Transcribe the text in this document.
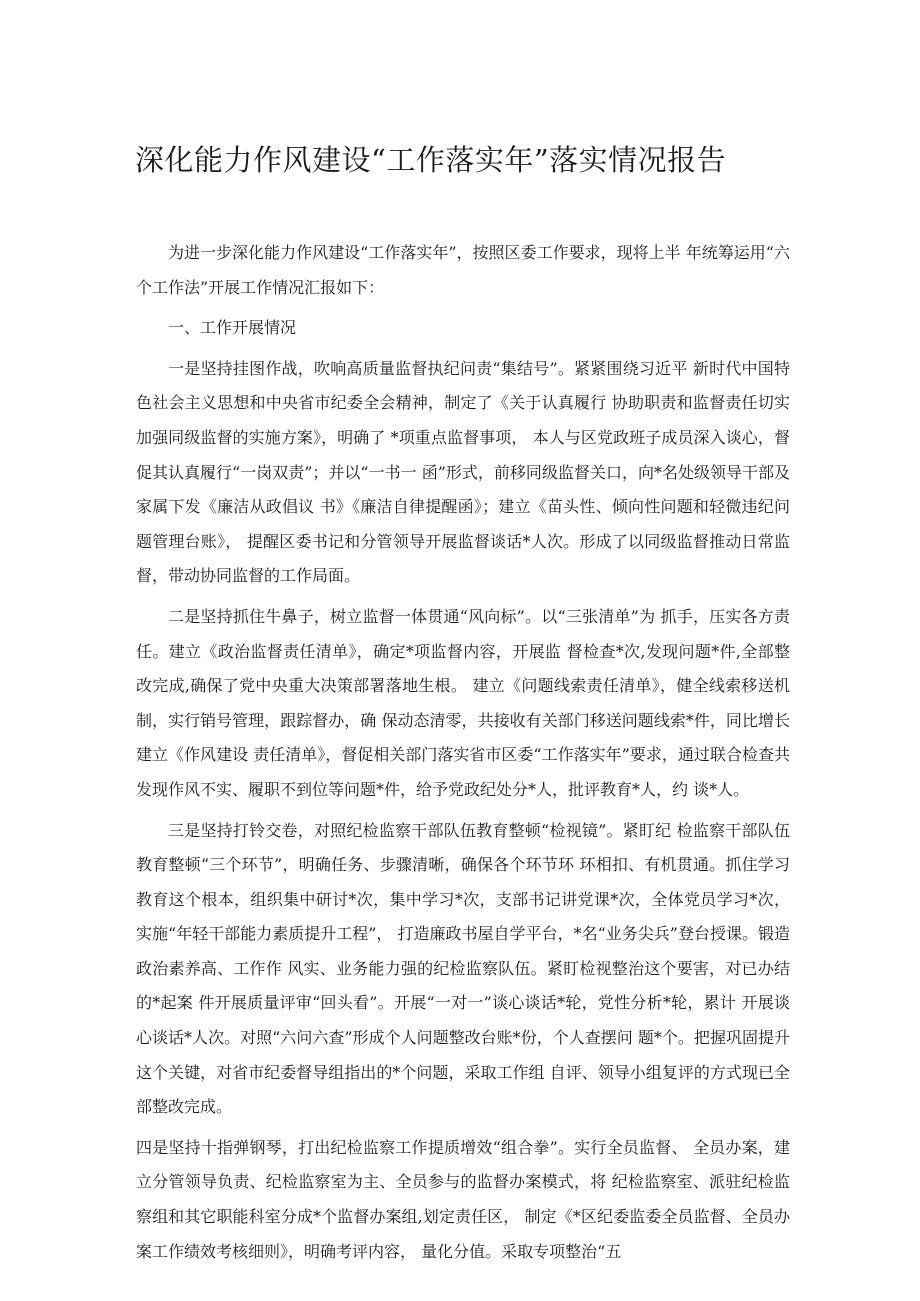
深化能力作风建设“工作落实年”落实情况报告

为进一步深化能力作风建设“工作落实年”，按照区委工作要求，现将上半 年统筹运用“六个工作法”开展工作情况汇报如下：

一、工作开展情况

一是坚持挂图作战，吹响高质量监督执纪问责“集结号”。紧紧围绕习近平 新时代中国特色社会主义思想和中央省市纪委全会精神，制定了《关于认真履行 协助职责和监督责任切实加强同级监督的实施方案》，明确了 *项重点监督事项， 本人与区党政班子成员深入谈心，督促其认真履行“一岗双责”；并以“一书一 函”形式，前移同级监督关口，向*名处级领导干部及家属下发《廉洁从政倡议 书》《廉洁自律提醒函》；建立《苗头性、倾向性问题和轻微违纪问题管理台账》， 提醒区委书记和分管领导开展监督谈话*人次。形成了以同级监督推动日常监督，带动协同监督的工作局面。

二是坚持抓住牛鼻子，树立监督一体贯通“风向标”。以“三张清单”为 抓手，压实各方责任。建立《政治监督责任清单》，确定*项监督内容，开展监 督检查*次,发现问题*件,全部整改完成,确保了党中央重大决策部署落地生根。 建立《问题线索责任清单》，健全线索移送机制，实行销号管理，跟踪督办，确 保动态清零，共接收有关部门移送问题线索*件，同比增长建立《作风建设 责任清单》，督促相关部门落实省市区委“工作落实年”要求，通过联合检查共 发现作风不实、履职不到位等问题*件，给予党政纪处分*人，批评教育*人，约 谈*人。

三是坚持打铃交卷，对照纪检监察干部队伍教育整顿“检视镜”。紧盯纪 检监察干部队伍教育整顿“三个环节”，明确任务、步骤清晰，确保各个环节环 环相扣、有机贯通。抓住学习教育这个根本，组织集中研讨*次，集中学习*次，支部书记讲党课*次，全体党员学习*次，实施“年轻干部能力素质提升工程”， 打造廉政书屋自学平台，*名“业务尖兵”登台授课。锻造政治素养高、工作作 风实、业务能力强的纪检监察队伍。紧盯检视整治这个要害，对已办结的*起案 件开展质量评审“回头看”。开展“一对一”谈心谈话*轮，党性分析*轮，累计 开展谈心谈话*人次。对照“六问六查”形成个人问题整改台账*份，个人查摆问 题*个。把握巩固提升这个关键，对省市纪委督导组指出的*个问题，采取工作组 自评、领导小组复评的方式现已全部整改完成。

四是坚持十指弹钢琴，打出纪检监察工作提质增效“组合拳”。实行全员监督、 全员办案，建立分管领导负责、纪检监察室为主、全员参与的监督办案模式，将 纪检监察室、派驻纪检监察组和其它职能科室分成*个监督办案组,划定责任区， 制定《*区纪委监委全员监督、全员办案工作绩效考核细则》，明确考评内容， 量化分值。采取专项整治“五
